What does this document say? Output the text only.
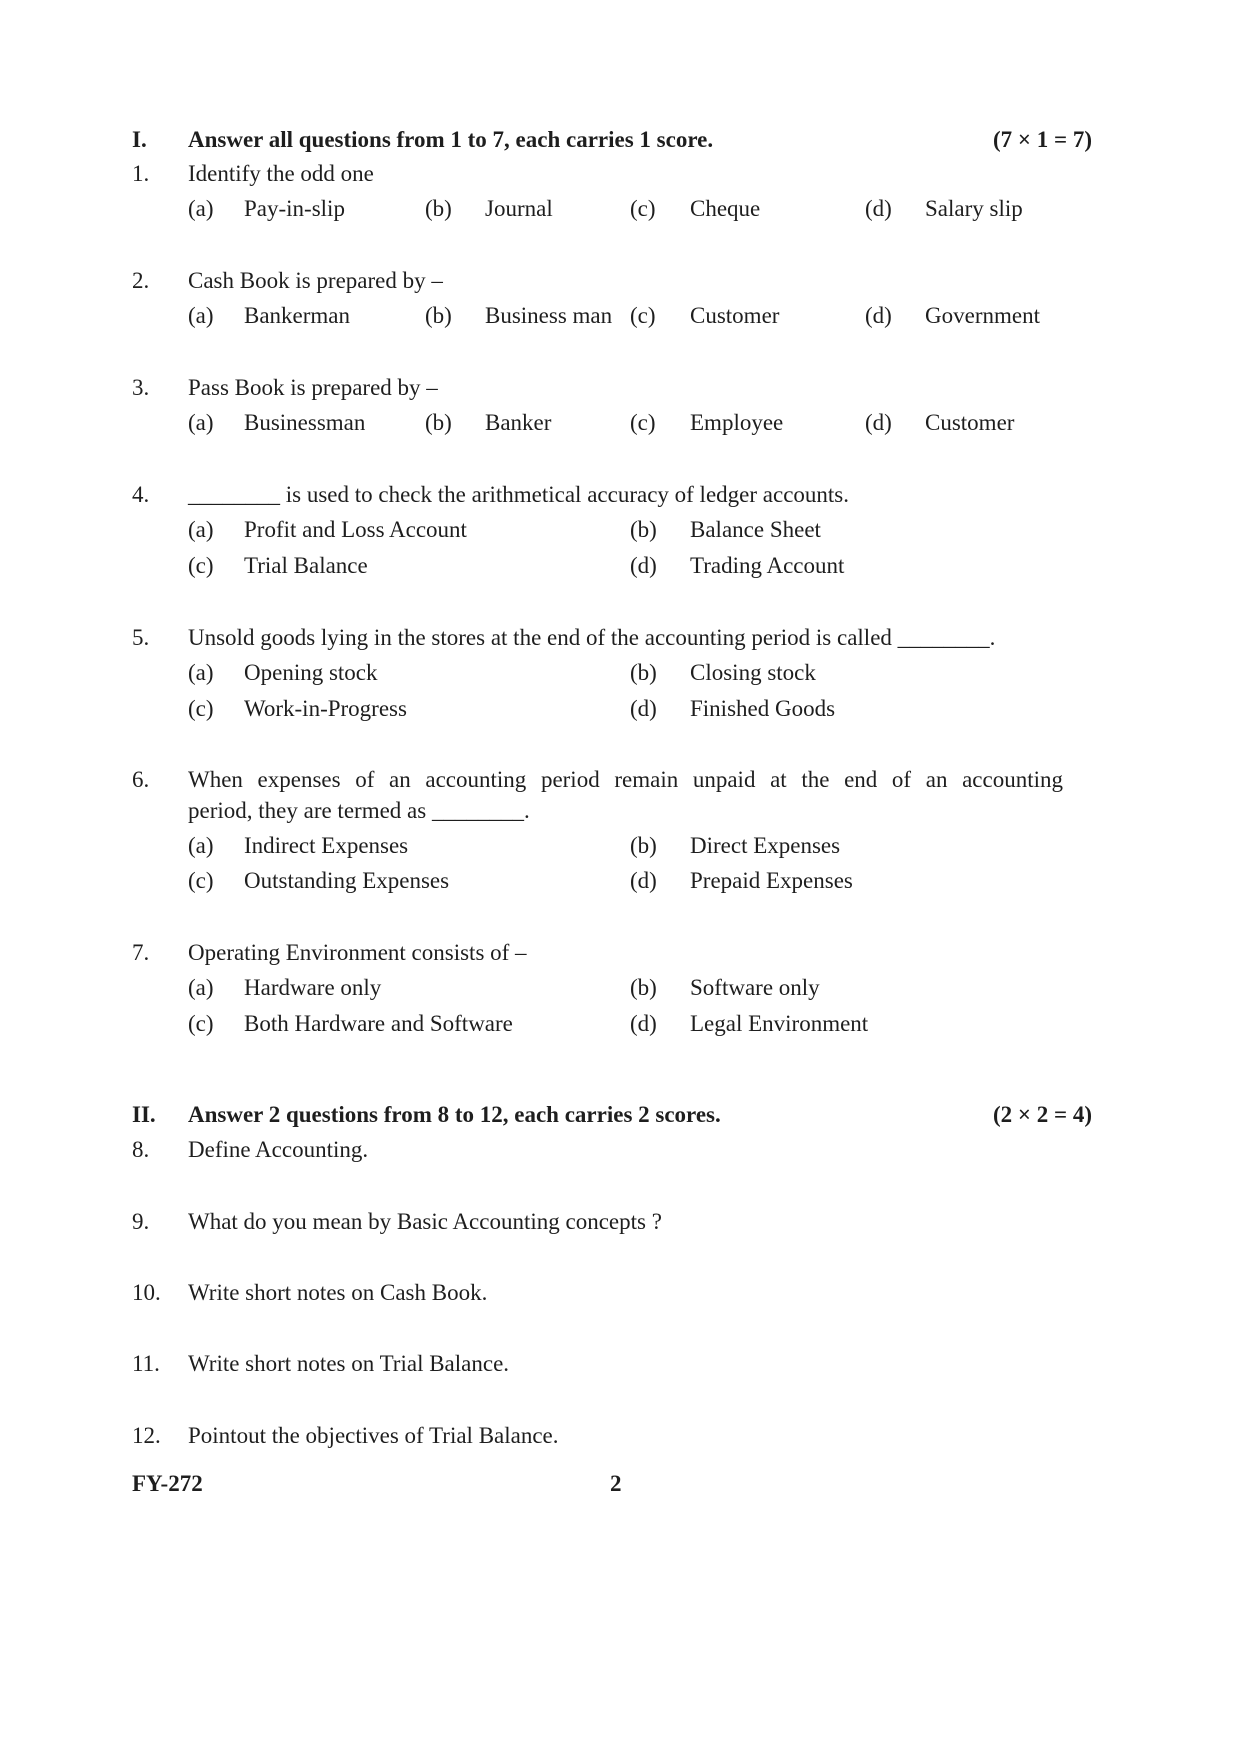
I. Answer all questions from 1 to 7, each carries 1 score.	(7 × 1 = 7)
1. Identify the odd one
(a) Pay-in-slip	(b) Journal	(c) Cheque	(d) Salary slip
2. Cash Book is prepared by –
(a) Bankerman	(b) Business man (c) Customer	(d) Government
3. Pass Book is prepared by –
(a) Businessman	(b) Banker	(c) Employee	(d) Customer
4. ________ is used to check the arithmetical accuracy of ledger accounts.
(a) Profit and Loss Account	(b) Balance Sheet
(c) Trial Balance	(d) Trading Account
5. Unsold goods lying in the stores at the end of the accounting period is called ________.
(a) Opening stock	(b) Closing stock
(c) Work-in-Progress	(d) Finished Goods
6. When expenses of an accounting period remain unpaid at the end of an accounting
period, they are termed as ________.
(a) Indirect Expenses	(b) Direct Expenses
(c) Outstanding Expenses	(d) Prepaid Expenses
7. Operating Environment consists of –
(a) Hardware only	(b) Software only
(c) Both Hardware and Software	(d) Legal Environment
II. Answer 2 questions from 8 to 12, each carries 2 scores.	(2 × 2 = 4)
8. Define Accounting.
9. What do you mean by Basic Accounting concepts ?
10. Write short notes on Cash Book.
11. Write short notes on Trial Balance.
12. Pointout the objectives of Trial Balance.
FY-272	2
